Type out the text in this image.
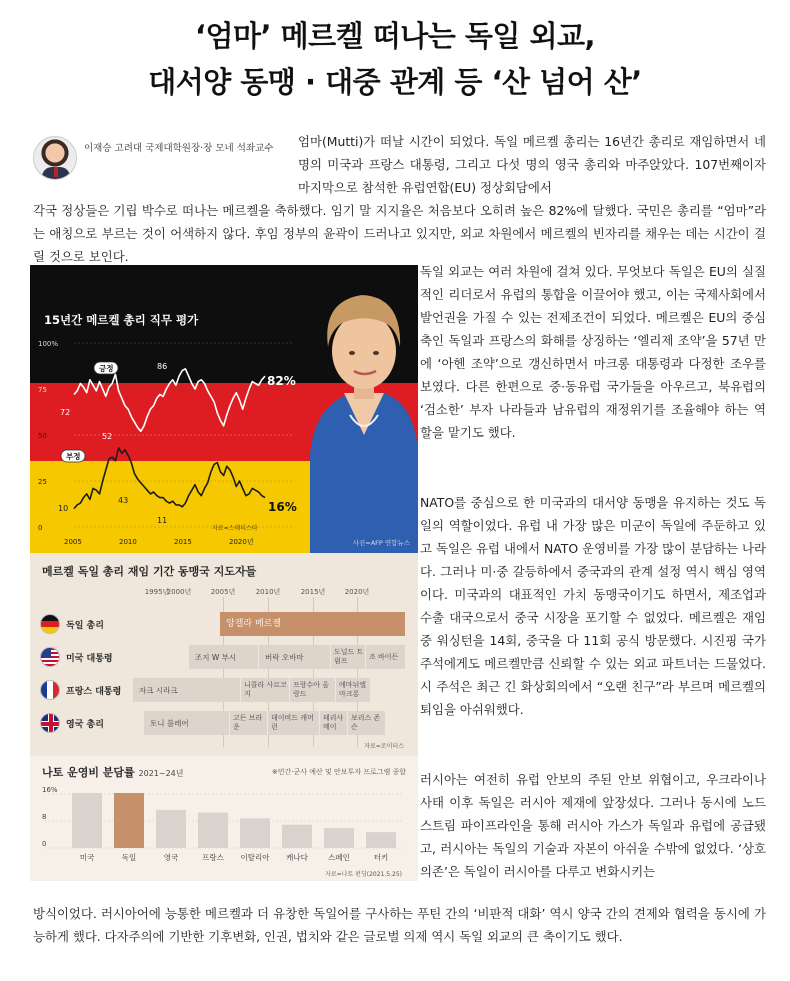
‘엄마’ 메르켈 떠나는 독일 외교,
대서양 동맹 · 대중 관계 등 ‘산 넘어 산’
이재승 고려대 국제대학원장·장 모네 석좌교수 엄마(Mutti)가 떠날 시간이 되었다. 독일 메르켈 총리는 16년간 총리로 재임하면서 네 명의 미국과 프랑스 대통령, 그리고 다섯 명의 영국 총리와 마주앉았다. 107번째이자 마지막으로 참석한 유럽연합(EU) 정상회담에서
각국 정상들은 기립 박수로 떠나는 메르켈을 축하했다. 임기 말 지지율은 처음보다 오히려 높은 82%에 달했다. 국민은 총리를 “엄마”라는 애칭으로 부르는 것이 어색하지 않다. 후임 정부의 윤곽이 드러나고 있지만, 외교 차원에서 메르켈의 빈자리를 채우는 데는 시간이 걸릴 것으로 보인다.
독일 외교는 여러 차원에 걸쳐 있다. 무엇보다 독일은 EU의 실질적인 리더로서 유럽의 통합을 이끌어야 했고, 이는 국제사회에서 발언권을 가질 수 있는 전제조건이 되었다. 메르켈은 EU의 중심축인 독일과 프랑스의 화해를 상징하는 ‘엘리제 조약’을 57년 만에 ‘아헨 조약’으로 갱신하면서 마크롱 대통령과 다정한 조우를 보였다. 다른 한편으로 중·동유럽 국가들을 아우르고, 북유럽의 ‘검소한’ 부자 나라들과 남유럽의 재정위기를 조율해야 하는 역할을 맡기도 했다.
NATO를 중심으로 한 미국과의 대서양 동맹을 유지하는 것도 독일의 역할이었다. 유럽 내 가장 많은 미군이 독일에 주둔하고 있고 독일은 유럽 내에서 NATO 운영비를 가장 많이 분담하는 나라다. 그러나 미·중 갈등하에서 중국과의 관계 설정 역시 핵심 영역이다. 미국과의 대표적인 가치 동맹국이기도 하면서, 제조업과 수출 대국으로서 중국 시장을 포기할 수 없었다. 메르켈은 재임 중 워싱턴을 14회, 중국을 다 11회 공식 방문했다. 시진핑 국가주석에게도 메르켈만큼 신뢰할 수 있는 외교 파트너는 드물었다. 시 주석은 최근 긴 화상회의에서 “오랜 친구”라 부르며 메르켈의 퇴임을 아쉬워했다.
러시아는 여전히 유럽 안보의 주된 안보 위협이고, 우크라이나 사태 이후 독일은 러시아 제재에 앞장섰다. 그러나 동시에 노드스트림 파이프라인을 통해 러시아 가스가 독일과 유럽에 공급됐고, 러시아는 독일의 기술과 자본이 아쉬울 수밖에 없었다. ‘상호 의존’은 독일이 러시아를 다루고 변화시키는
방식이었다. 러시아어에 능통한 메르켈과 더 유창한 독일어를 구사하는 푸틴 간의 ‘비판적 대화’ 역시 양국 간의 견제와 협력을 동시에 가능하게 했다. 다자주의에 기반한 기후변화, 인권, 법치와 같은 글로벌 의제 역시 독일 외교의 큰 축이기도 했다.
15년간 메르켈 총리 직무 평가
100%
75
50
25
0
2005	2010	2015	2020년
긍정
부정
72
52
86
82%
10
43
11
16%
사진=AFP 연합뉴스
자료=스태티스타
메르켈 독일 총리 재임 기간 동맹국 지도자들
1995년
2000년	2005년	2010년	2015년	2020년
독일 총리	앙겔라 메르켈
미국 대통령	조지 W 부시	버락 오바마
도널드 트럼프
조 바이든
프랑스 대통령	자크 시라크
니콜라 사르코지
프랑수아 올랑드
에마뉘엘 마크롱
영국 총리	토니 블레어
고든 브라운
데이비드 캐머런
테리사 메이
보리스 존슨
자료=로이터스
나토 운영비 분담률 2021~24년	※민간·군사 예산 및 안보투자 프로그램 종합
16%
8
0
미국	독일	영국	프랑스 이탈리아 캐나다	스페인	터키
자료=나토 펀딩(2021.5.25)
